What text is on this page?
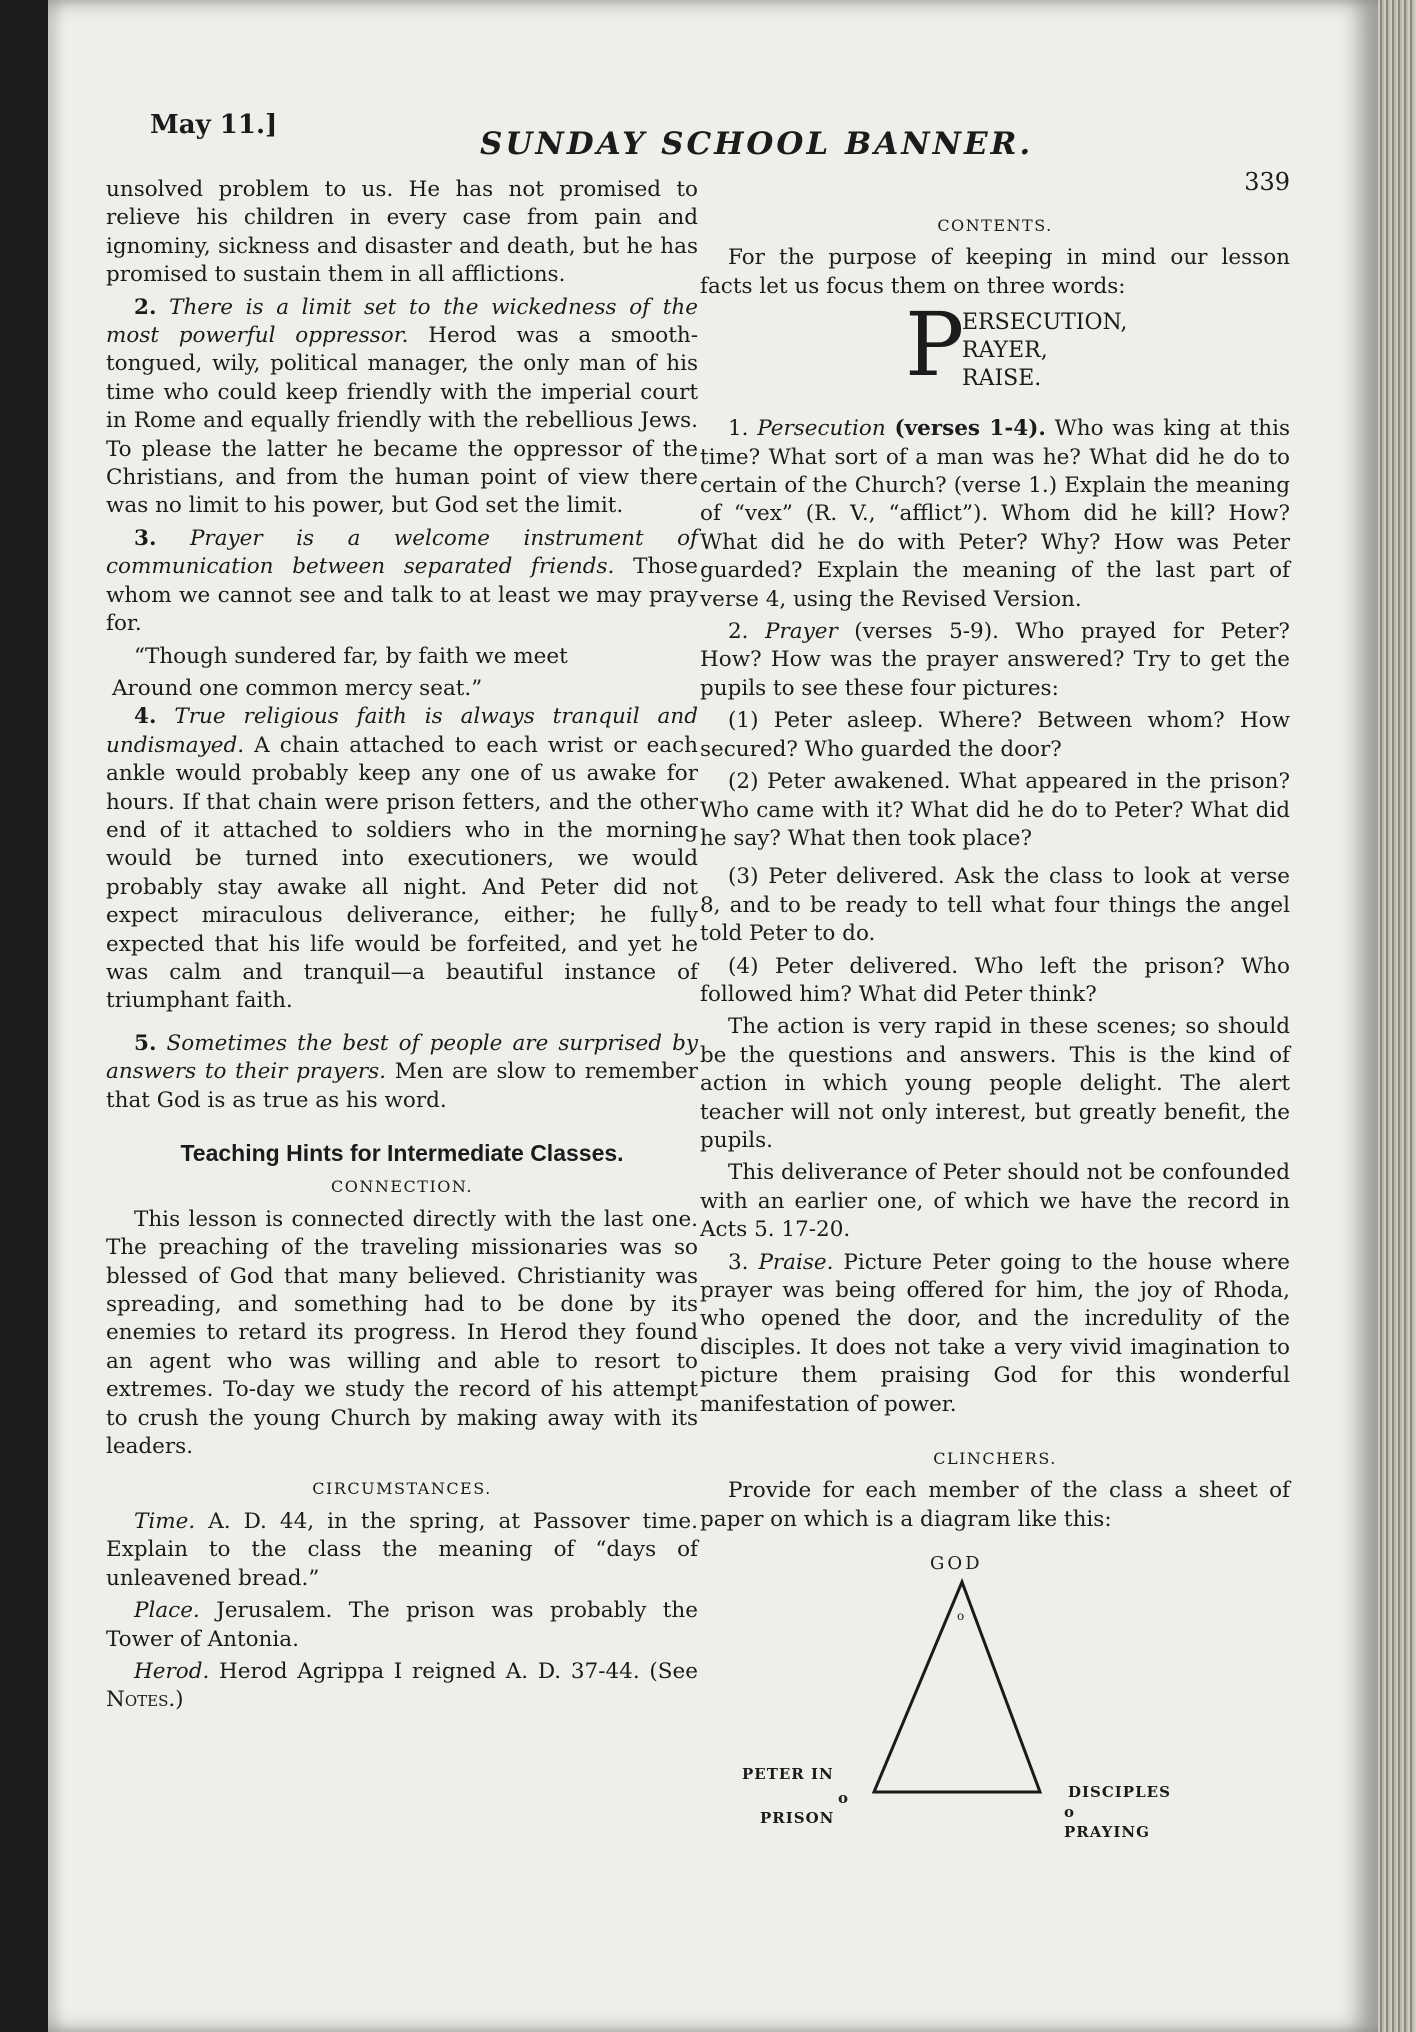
May 11.]
SUNDAY SCHOOL BANNER.
339

unsolved problem to us. He has not promised to relieve his children in every case from pain and ignominy, sickness and disaster and death, but he has promised to sustain them in all afflictions.

2. There is a limit set to the wickedness of the most powerful oppressor. Herod was a smooth-tongued, wily, political manager, the only man of his time who could keep friendly with the imperial court in Rome and equally friendly with the rebellious Jews. To please the latter he became the oppressor of the Christians, and from the human point of view there was no limit to his power, but God set the limit.

3. Prayer is a welcome instrument of communication between separated friends. Those whom we cannot see and talk to at least we may pray for.

“Though sundered far, by faith we meet

Around one common mercy seat.”

4. True religious faith is always tranquil and undismayed. A chain attached to each wrist or each ankle would probably keep any one of us awake for hours. If that chain were prison fetters, and the other end of it attached to soldiers who in the morning would be turned into executioners, we would probably stay awake all night. And Peter did not expect miraculous deliverance, either; he fully expected that his life would be forfeited, and yet he was calm and tranquil—a beautiful instance of triumphant faith.

5. Sometimes the best of people are surprised by answers to their prayers. Men are slow to remember that God is as true as his word.

Teaching Hints for Intermediate Classes.
CONNECTION.

This lesson is connected directly with the last one. The preaching of the traveling missionaries was so blessed of God that many believed. Christianity was spreading, and something had to be done by its enemies to retard its progress. In Herod they found an agent who was willing and able to resort to extremes. To-day we study the record of his attempt to crush the young Church by making away with its leaders.

CIRCUMSTANCES.

Time. A. D. 44, in the spring, at Passover time. Explain to the class the meaning of “days of unleavened bread.”

Place. Jerusalem. The prison was probably the Tower of Antonia.

Herod. Herod Agrippa I reigned A. D. 37-44. (See Notes.)

CONTENTS.

For the purpose of keeping in mind our lesson facts let us focus them on three words:

P
ERSECUTION,
RAYER,
RAISE.

1. Persecution (verses 1-4). Who was king at this time? What sort of a man was he? What did he do to certain of the Church? (verse 1.) Explain the meaning of “vex” (R. V., “afflict”). Whom did he kill? How? What did he do with Peter? Why? How was Peter guarded? Explain the meaning of the last part of verse 4, using the Revised Version.

2. Prayer (verses 5-9). Who prayed for Peter? How? How was the prayer answered? Try to get the pupils to see these four pictures:

(1) Peter asleep. Where? Between whom? How secured? Who guarded the door?

(2) Peter awakened. What appeared in the prison? Who came with it? What did he do to Peter? What did he say? What then took place?

(3) Peter delivered. Ask the class to look at verse 8, and to be ready to tell what four things the angel told Peter to do.

(4) Peter delivered. Who left the prison? Who followed him? What did Peter think?

The action is very rapid in these scenes; so should be the questions and answers. This is the kind of action in which young people delight. The alert teacher will not only interest, but greatly benefit, the pupils.

This deliverance of Peter should not be confounded with an earlier one, of which we have the record in Acts 5. 17-20.

3. Praise. Picture Peter going to the house where prayer was being offered for him, the joy of Rhoda, who opened the door, and the incredulity of the disciples. It does not take a very vivid imagination to picture them praising God for this wonderful manifestation of power.

CLINCHERS.

Provide for each member of the class a sheet of paper on which is a diagram like this:

GOD
o
PETER IN
o
PRISON
DISCIPLES
o
PRAYING
